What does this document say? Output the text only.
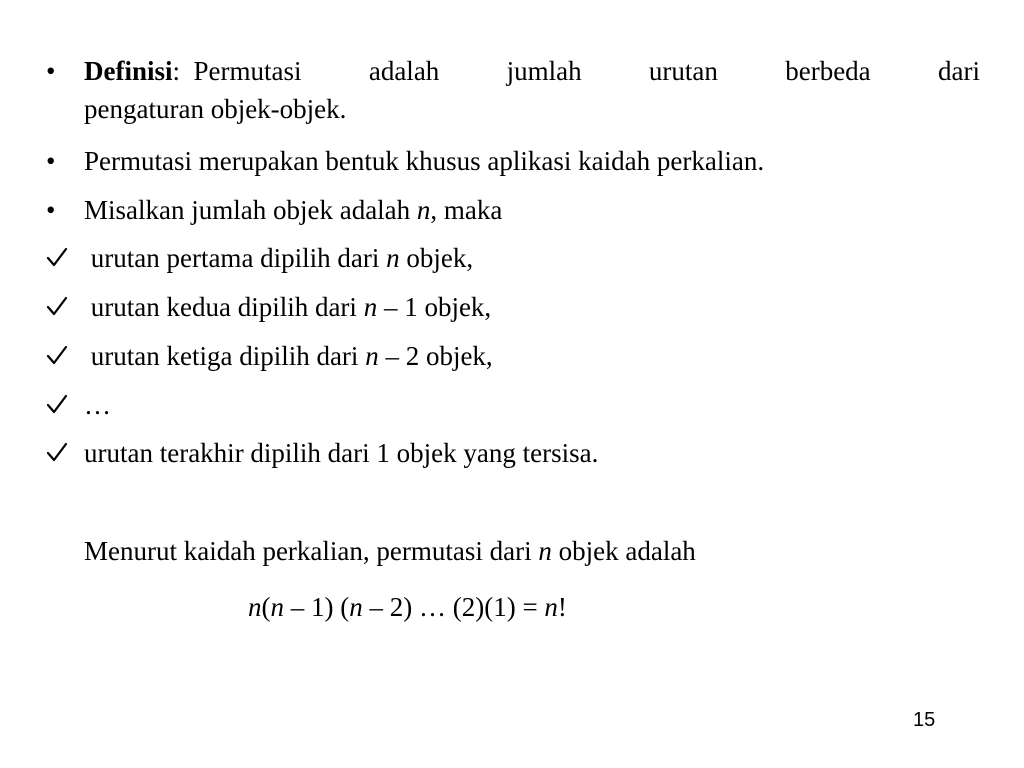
•	Definisi: Permutasi adalah jumlah urutan berbeda dari
pengaturan objek-objek.
•	Permutasi merupakan bentuk khusus aplikasi kaidah perkalian.
•	Misalkan jumlah objek adalah n, maka
urutan pertama dipilih dari n objek,
urutan kedua dipilih dari n – 1 objek,
urutan ketiga dipilih dari n – 2 objek,
…
urutan terakhir dipilih dari 1 objek yang tersisa.
Menurut kaidah perkalian, permutasi dari n objek adalah
n(n – 1) (n – 2) … (2)(1) = n!
15
